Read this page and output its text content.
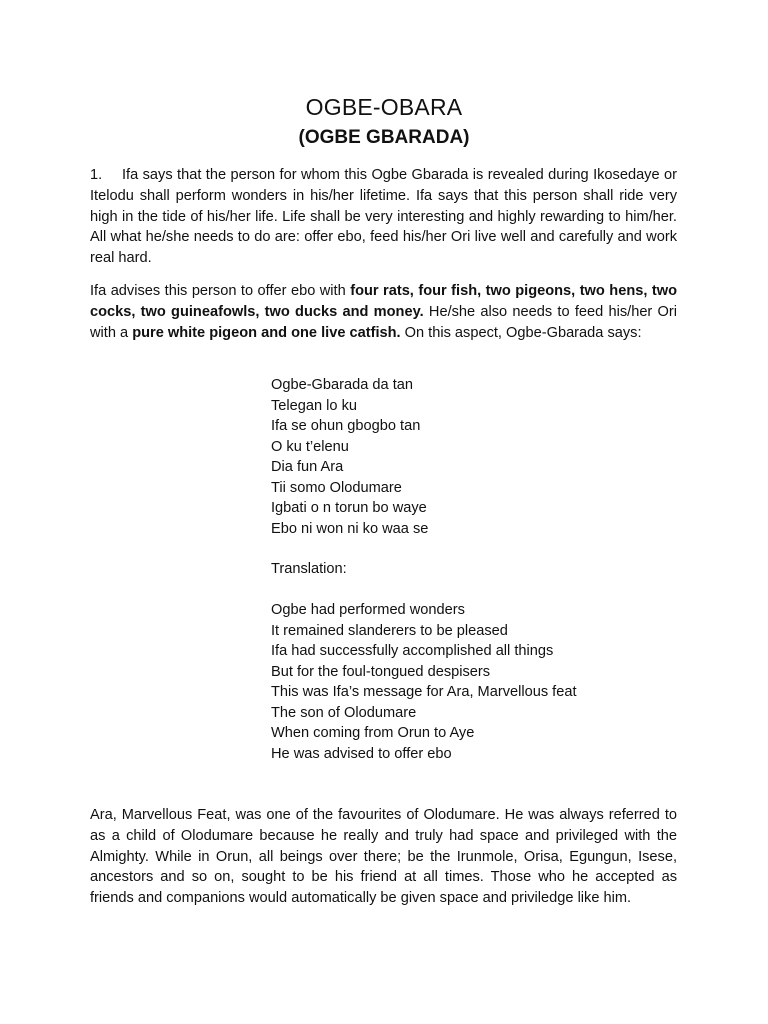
OGBE-OBARA
(OGBE GBARADA)
1. Ifa says that the person for whom this Ogbe Gbarada is revealed during Ikosedaye or Itelodu shall perform wonders in his/her lifetime. Ifa says that this person shall ride very high in the tide of his/her life. Life shall be very interesting and highly rewarding to him/her. All what he/she needs to do are: offer ebo, feed his/her Ori live well and carefully and work real hard.
Ifa advises this person to offer ebo with four rats, four fish, two pigeons, two hens, two cocks, two guineafowls, two ducks and money. He/she also needs to feed his/her Ori with a pure white pigeon and one live catfish. On this aspect, Ogbe-Gbarada says:
Ogbe-Gbarada da tan
Telegan lo ku
Ifa se ohun gbogbo tan
O ku t’elenu
Dia fun Ara
Tii somo Olodumare
Igbati o n torun bo waye
Ebo ni won ni ko waa se
Translation:
Ogbe had performed wonders
It remained slanderers to be pleased
Ifa had successfully accomplished all things
But for the foul-tongued despisers
This was Ifa’s message for Ara, Marvellous feat
The son of Olodumare
When coming from Orun to Aye
He was advised to offer ebo
Ara, Marvellous Feat, was one of the favourites of Olodumare. He was always referred to as a child of Olodumare because he really and truly had space and privileged with the Almighty. While in Orun, all beings over there; be the Irunmole, Orisa, Egungun, Isese, ancestors and so on, sought to be his friend at all times. Those who he accepted as friends and companions would automatically be given space and priviledge like him.
